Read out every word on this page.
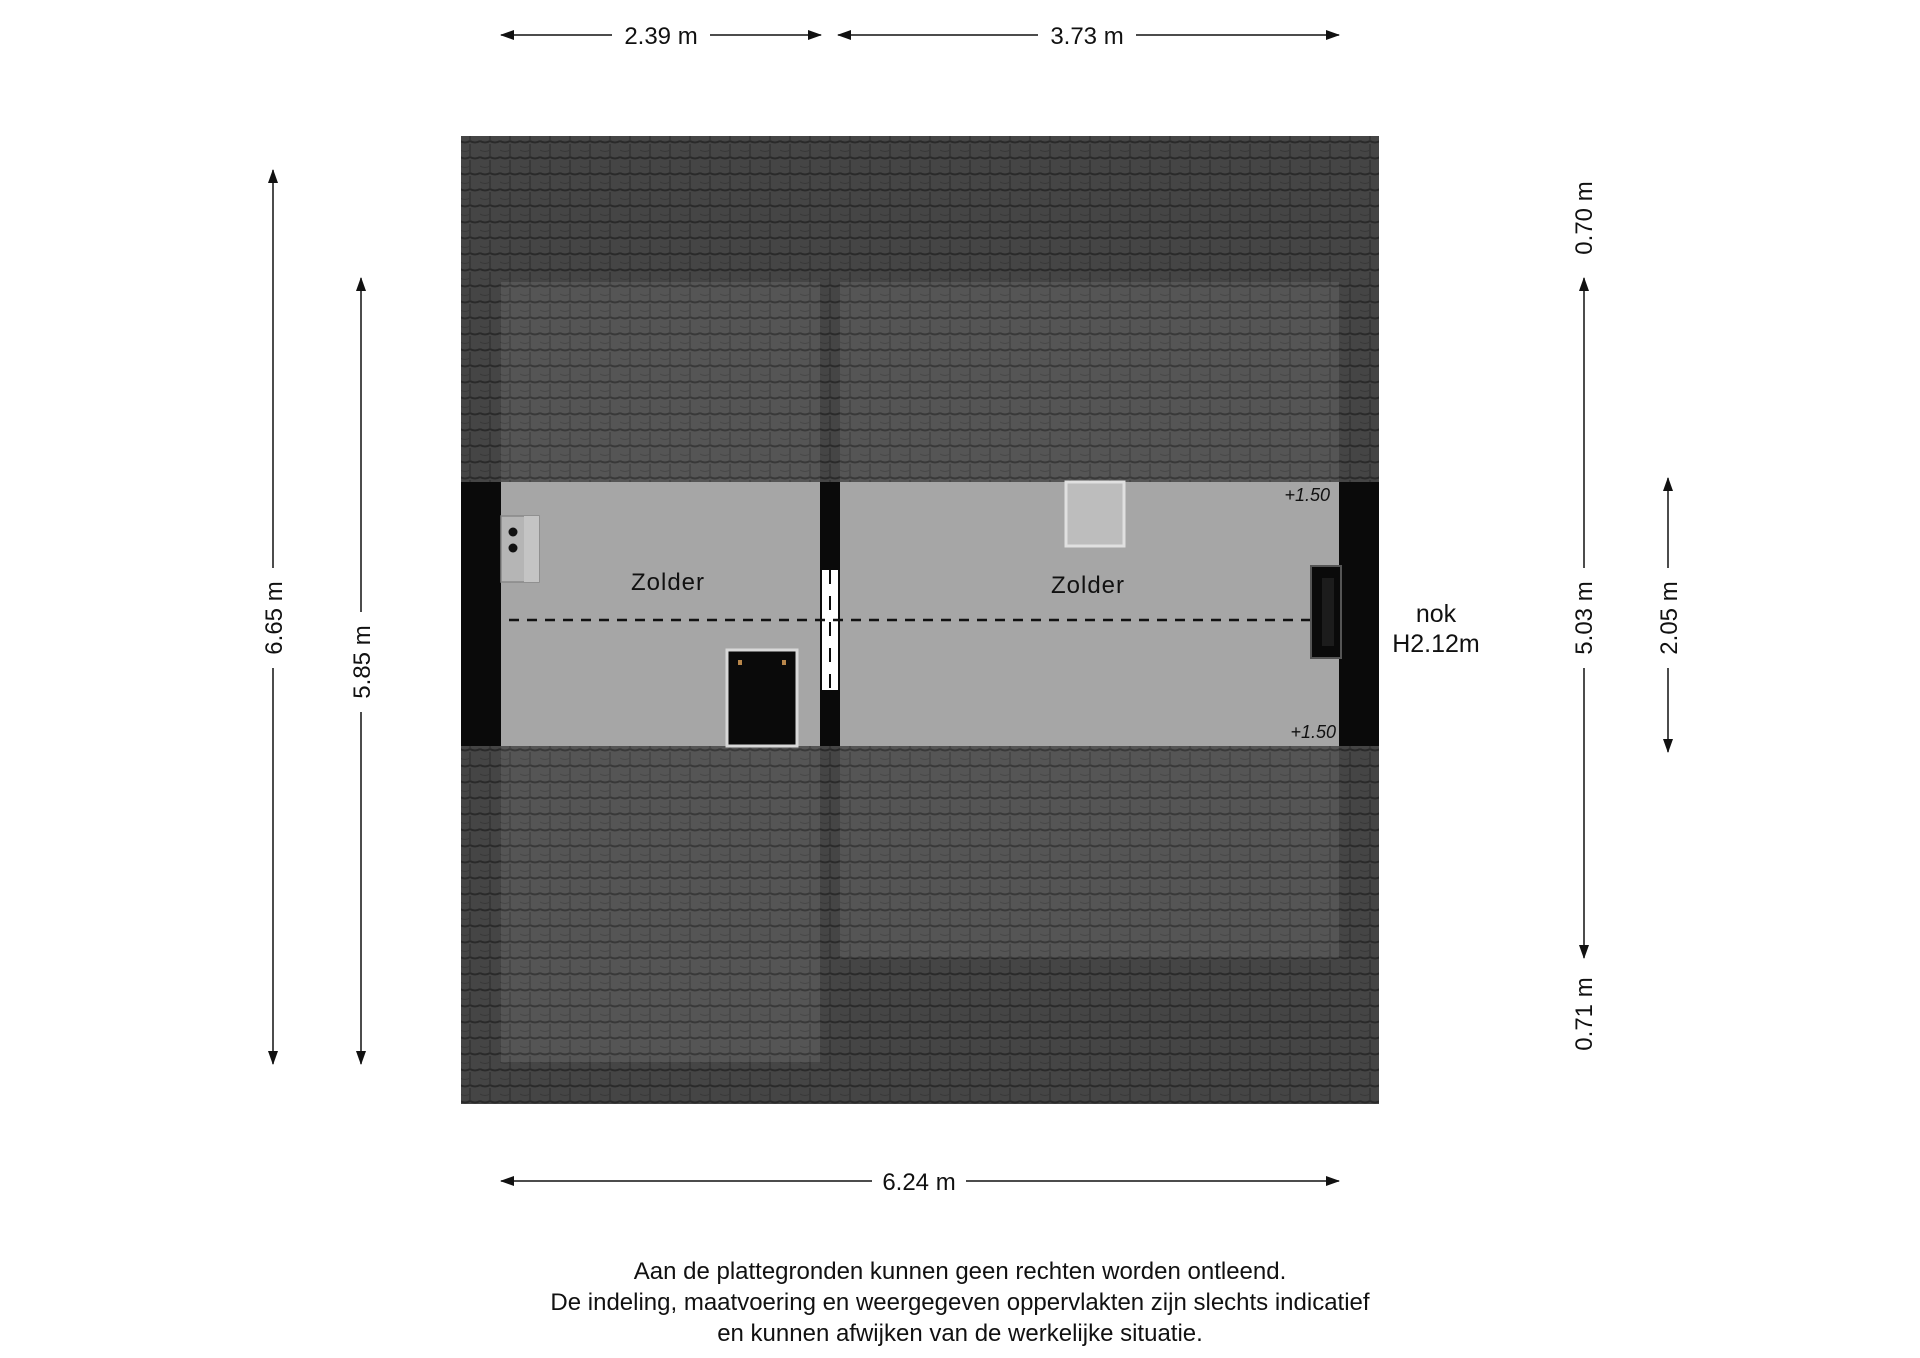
Zolder	Zolder
+1.50
+1.50
nok
H2.12m
2.39 m	3.73 m
6.24 m
6.65 m
5.85 m
0.70 m
5.03 m
0.71 m
2.05 m
Aan de plattegronden kunnen geen rechten worden ontleend.
De indeling, maatvoering en weergegeven oppervlakten zijn slechts indicatief
en kunnen afwijken van de werkelijke situatie.
